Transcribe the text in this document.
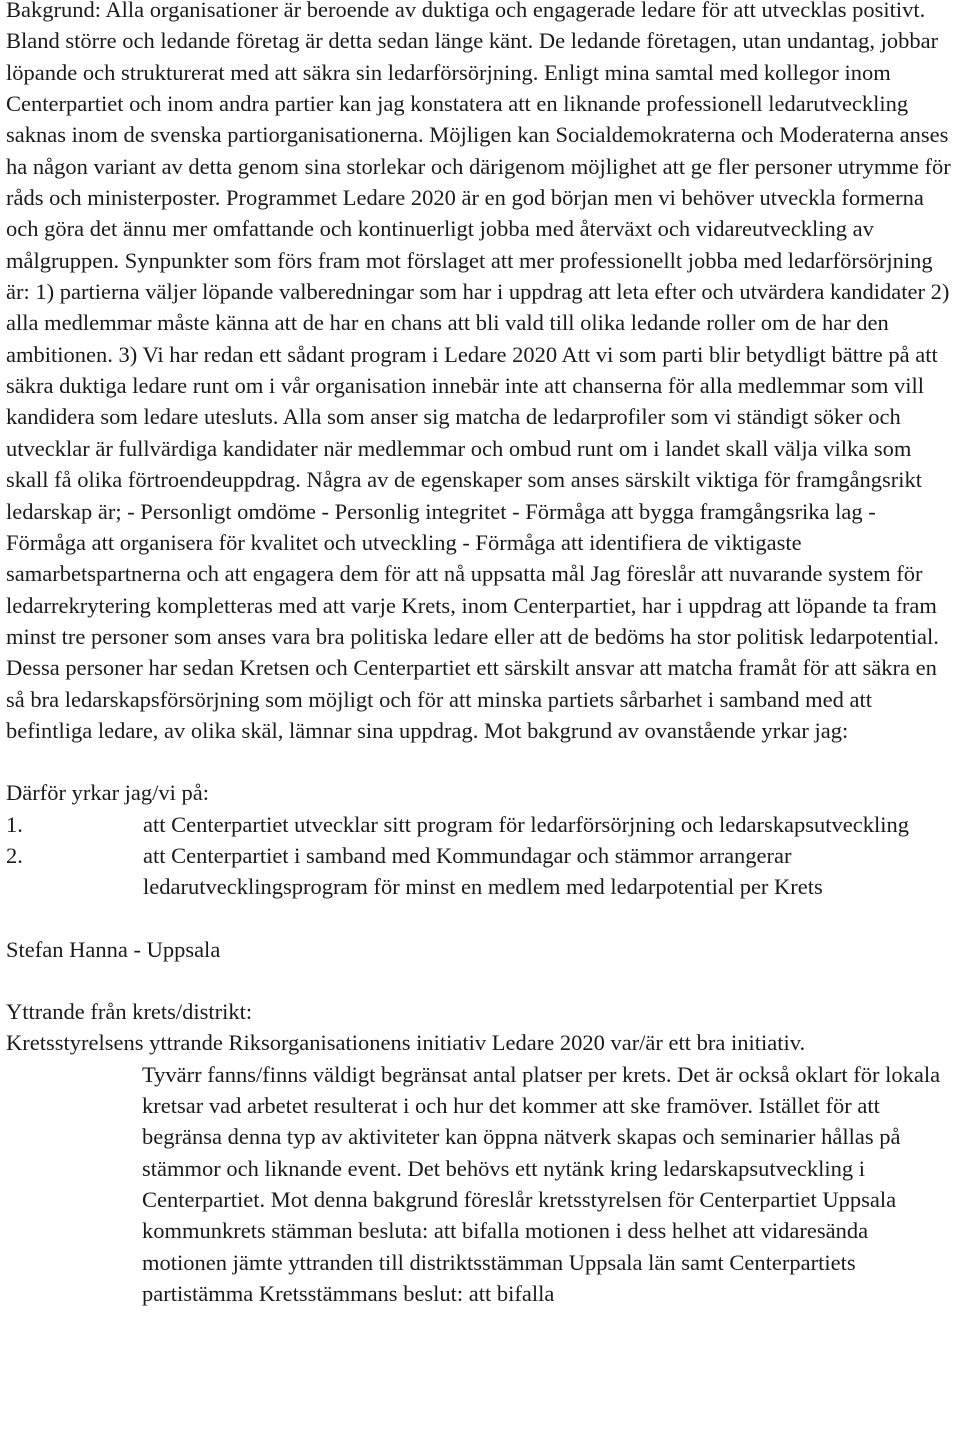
Bakgrund: Alla organisationer är beroende av duktiga och engagerade ledare för att utvecklas positivt. Bland större och ledande företag är detta sedan länge känt. De ledande företagen, utan undantag, jobbar löpande och strukturerat med att säkra sin ledarförsörjning. Enligt mina samtal med kollegor inom Centerpartiet och inom andra partier kan jag konstatera att en liknande professionell ledarutveckling saknas inom de svenska partiorganisationerna. Möjligen kan Socialdemokraterna och Moderaterna anses ha någon variant av detta genom sina storlekar och därigenom möjlighet att ge fler personer utrymme för råds och ministerposter. Programmet Ledare 2020 är en god början men vi behöver utveckla formerna och göra det ännu mer omfattande och kontinuerligt jobba med återväxt och vidareutveckling av målgruppen. Synpunkter som förs fram mot förslaget att mer professionellt jobba med ledarförsörjning är: 1) partierna väljer löpande valberedningar som har i uppdrag att leta efter och utvärdera kandidater 2) alla medlemmar måste känna att de har en chans att bli vald till olika ledande roller om de har den ambitionen. 3) Vi har redan ett sådant program i Ledare 2020 Att vi som parti blir betydligt bättre på att säkra duktiga ledare runt om i vår organisation innebär inte att chanserna för alla medlemmar som vill kandidera som ledare utesluts. Alla som anser sig matcha de ledarprofiler som vi ständigt söker och utvecklar är fullvärdiga kandidater när medlemmar och ombud runt om i landet skall välja vilka som skall få olika förtroendeuppdrag. Några av de egenskaper som anses särskilt viktiga för framgångsrikt ledarskap är; - Personligt omdöme - Personlig integritet - Förmåga att bygga framgångsrika lag - Förmåga att organisera för kvalitet och utveckling - Förmåga att identifiera de viktigaste samarbetspartnerna och att engagera dem för att nå uppsatta mål Jag föreslår att nuvarande system för ledarrekrytering kompletteras med att varje Krets, inom Centerpartiet, har i uppdrag att löpande ta fram minst tre personer som anses vara bra politiska ledare eller att de bedöms ha stor politisk ledarpotential. Dessa personer har sedan Kretsen och Centerpartiet ett särskilt ansvar att matcha framåt för att säkra en så bra ledarskapsförsörjning som möjligt och för att minska partiets sårbarhet i samband med att befintliga ledare, av olika skäl, lämnar sina uppdrag. Mot bakgrund av ovanstående yrkar jag:

Därför yrkar jag/vi på:

1.	att Centerpartiet utvecklar sitt program för ledarförsörjning och ledarskapsutveckling
2.	att Centerpartiet i samband med Kommundagar och stämmor arrangerar ledarutvecklingsprogram för minst en medlem med ledarpotential per Krets

Stefan Hanna - Uppsala

Yttrande från krets/distrikt:

Kretsstyrelsens yttrande Riksorganisationens initiativ Ledare 2020 var/är ett bra initiativ.

Tyvärr fanns/finns väldigt begränsat antal platser per krets. Det är också oklart för lokala kretsar vad arbetet resulterat i och hur det kommer att ske framöver. Istället för att begränsa denna typ av aktiviteter kan öppna nätverk skapas och seminarier hållas på stämmor och liknande event. Det behövs ett nytänk kring ledarskapsutveckling i Centerpartiet. Mot denna bakgrund föreslår kretsstyrelsen för Centerpartiet Uppsala kommunkrets stämman besluta: att bifalla motionen i dess helhet att vidaresända motionen jämte yttranden till distriktsstämman Uppsala län samt Centerpartiets partistämma Kretsstämmans beslut: att bifalla
